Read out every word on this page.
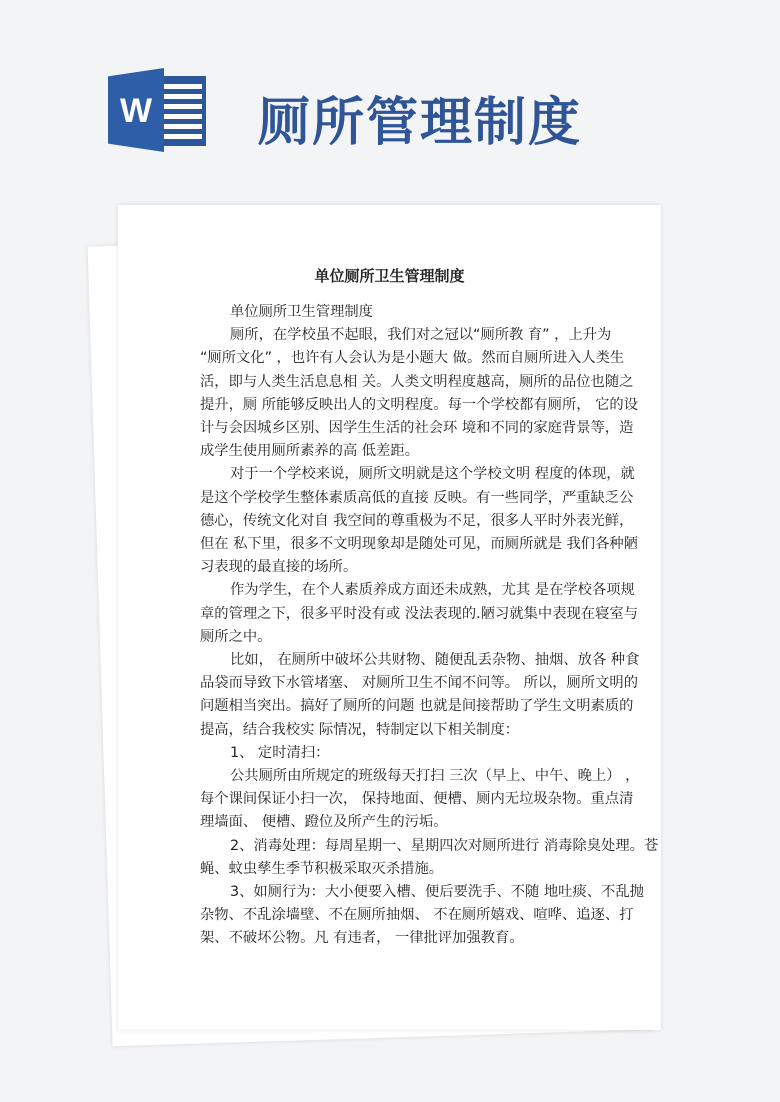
W 厕所管理制度
单位厕所卫生管理制度
单位厕所卫生管理制度
厕所，在学校虽不起眼，我们对之冠以“厕所教 育” ，上升为
“厕所文化” ，也许有人会认为是小题大 做。然而自厕所进入人类生
活，即与人类生活息息相 关。人类文明程度越高，厕所的品位也随之
提升，厕 所能够反映出人的文明程度。每一个学校都有厕所， 它的设
计与会因城乡区别、因学生生活的社会环 境和不同的家庭背景等，造
成学生使用厕所素养的高 低差距。
对于一个学校来说，厕所文明就是这个学校文明 程度的体现，就
是这个学校学生整体素质高低的直接 反映。有一些同学，严重缺乏公
德心，传统文化对自 我空间的尊重极为不足，很多人平时外表光鲜，
但在 私下里，很多不文明现象却是随处可见，而厕所就是 我们各种陋
习表现的最直接的场所。
作为学生，在个人素质养成方面还未成熟，尤其 是在学校各项规
章的管理之下，很多平时没有或 没法表现的.陋习就集中表现在寝室与
厕所之中。
比如， 在厕所中破坏公共财物、随便乱丢杂物、抽烟、放各 种食
品袋而导致下水管堵塞、 对厕所卫生不闻不问等。 所以，厕所文明的
问题相当突出。搞好了厕所的问题 也就是间接帮助了学生文明素质的
提高，结合我校实 际情况，特制定以下相关制度：
1、 定时清扫：
公共厕所由所规定的班级每天打扫 三次（早上、中午、晚上） ，
每个课间保证小扫一次， 保持地面、便槽、厕内无垃圾杂物。重点清
理墙面、 便槽、蹬位及所产生的污垢。
2、消毒处理：每周星期一、星期四次对厕所进行 消毒除臭处理。苍
蝇、蚊虫孳生季节积极采取灭杀措施。
3、如厕行为：大小便要入槽、便后要洗手、不随 地吐痰、不乱抛
杂物、不乱涂墙壁、不在厕所抽烟、 不在厕所嬉戏、喧哗、追逐、打
架、不破坏公物。凡 有违者， 一律批评加强教育。
